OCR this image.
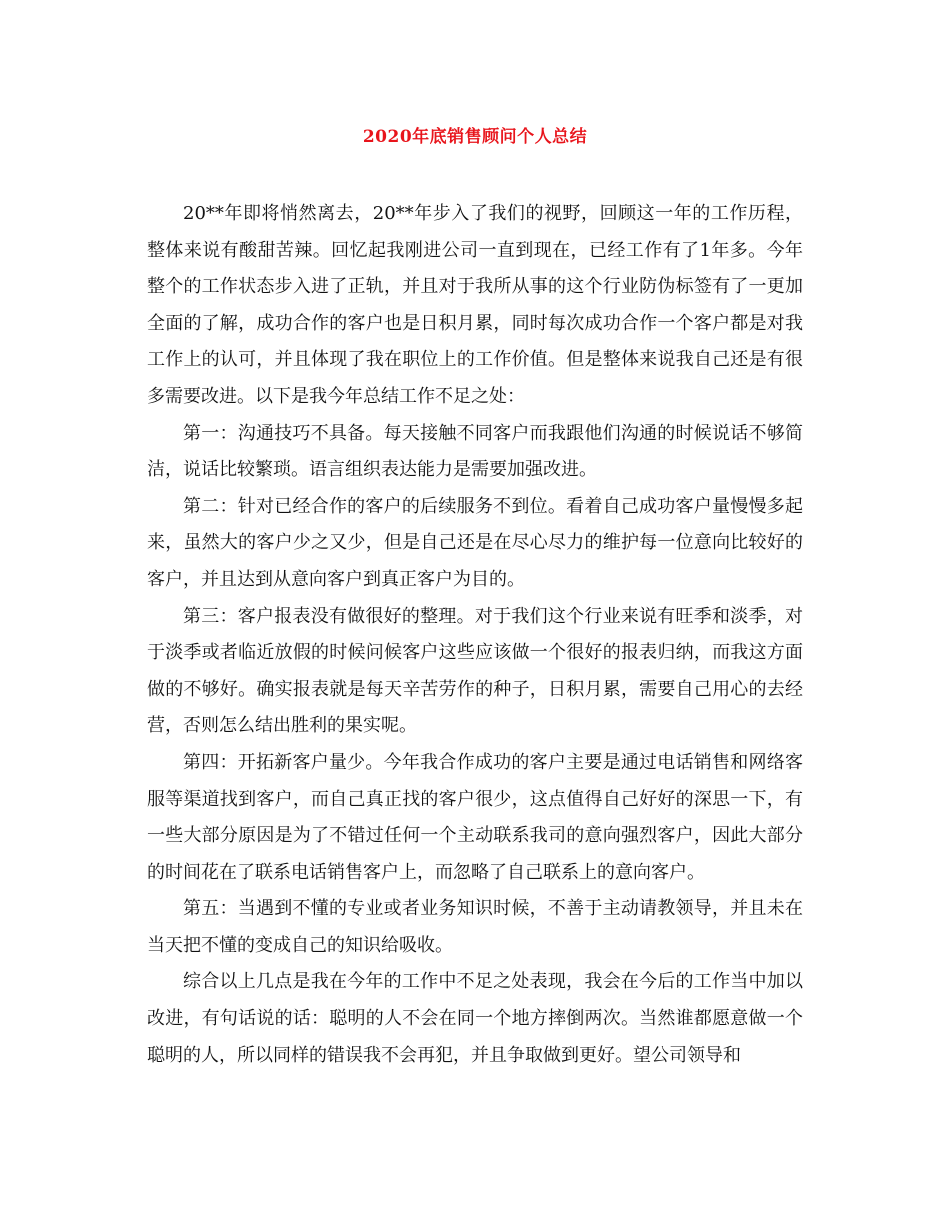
2020年底销售顾问个人总结

20**年即将悄然离去，20**年步入了我们的视野，回顾这一年的工作历程，整体来说有酸甜苦辣。回忆起我刚进公司一直到现在，已经工作有了1年多。今年整个的工作状态步入进了正轨，并且对于我所从事的这个行业防伪标签有了一更加全面的了解，成功合作的客户也是日积月累，同时每次成功合作一个客户都是对我工作上的认可，并且体现了我在职位上的工作价值。但是整体来说我自己还是有很多需要改进。以下是我今年总结工作不足之处：

第一：沟通技巧不具备。每天接触不同客户而我跟他们沟通的时候说话不够简洁，说话比较繁琐。语言组织表达能力是需要加强改进。

第二：针对已经合作的客户的后续服务不到位。看着自己成功客户量慢慢多起来，虽然大的客户少之又少，但是自己还是在尽心尽力的维护每一位意向比较好的客户，并且达到从意向客户到真正客户为目的。

第三：客户报表没有做很好的整理。对于我们这个行业来说有旺季和淡季，对于淡季或者临近放假的时候问候客户这些应该做一个很好的报表归纳，而我这方面做的不够好。确实报表就是每天辛苦劳作的种子，日积月累，需要自己用心的去经营，否则怎么结出胜利的果实呢。

第四：开拓新客户量少。今年我合作成功的客户主要是通过电话销售和网络客服等渠道找到客户，而自己真正找的客户很少，这点值得自己好好的深思一下，有一些大部分原因是为了不错过任何一个主动联系我司的意向强烈客户，因此大部分的时间花在了联系电话销售客户上，而忽略了自己联系上的意向客户。

第五：当遇到不懂的专业或者业务知识时候，不善于主动请教领导，并且未在当天把不懂的变成自己的知识给吸收。

综合以上几点是我在今年的工作中不足之处表现，我会在今后的工作当中加以改进，有句话说的话：聪明的人不会在同一个地方摔倒两次。当然谁都愿意做一个聪明的人，所以同样的错误我不会再犯，并且争取做到更好。望公司领导和
